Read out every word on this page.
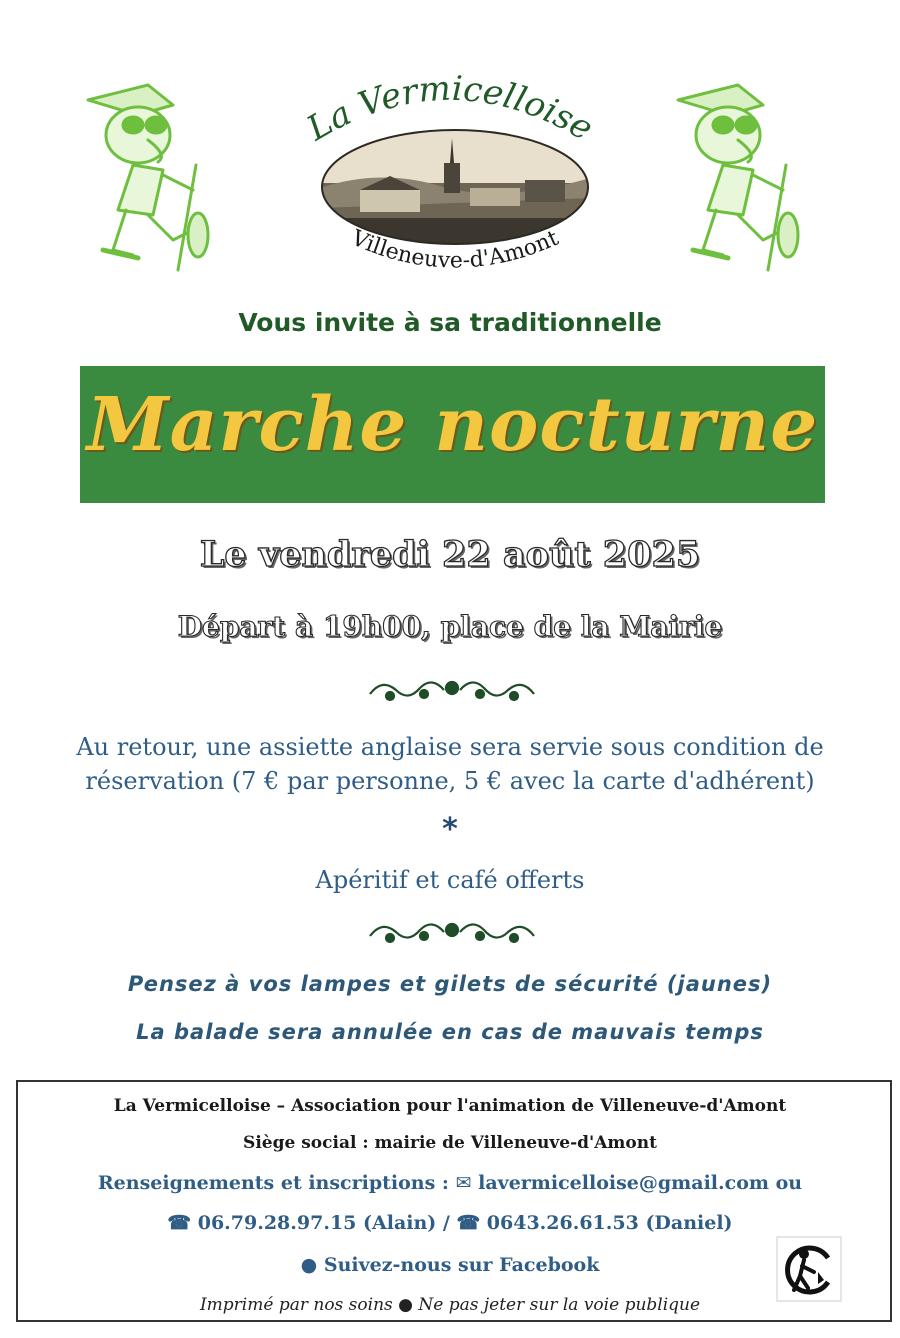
La Vermicelloise
Villeneuve-d'Amont
Vous invite à sa traditionnelle
Marche nocturne
Le vendredi 22 août 2025
Départ à 19h00, place de la Mairie
Au retour, une assiette anglaise sera servie sous condition de
réservation (7 € par personne, 5 € avec la carte d'adhérent)
*
Apéritif et café offerts
Pensez à vos lampes et gilets de sécurité (jaunes)
La balade sera annulée en cas de mauvais temps
La Vermicelloise – Association pour l'animation de Villeneuve-d'Amont
Siège social : mairie de Villeneuve-d'Amont
Renseignements et inscriptions : ✉ lavermicelloise@gmail.com ou
☎ 06.79.28.97.15 (Alain) / ☎ 0643.26.61.53 (Daniel)
● Suivez-nous sur Facebook
Imprimé par nos soins ● Ne pas jeter sur la voie publique
